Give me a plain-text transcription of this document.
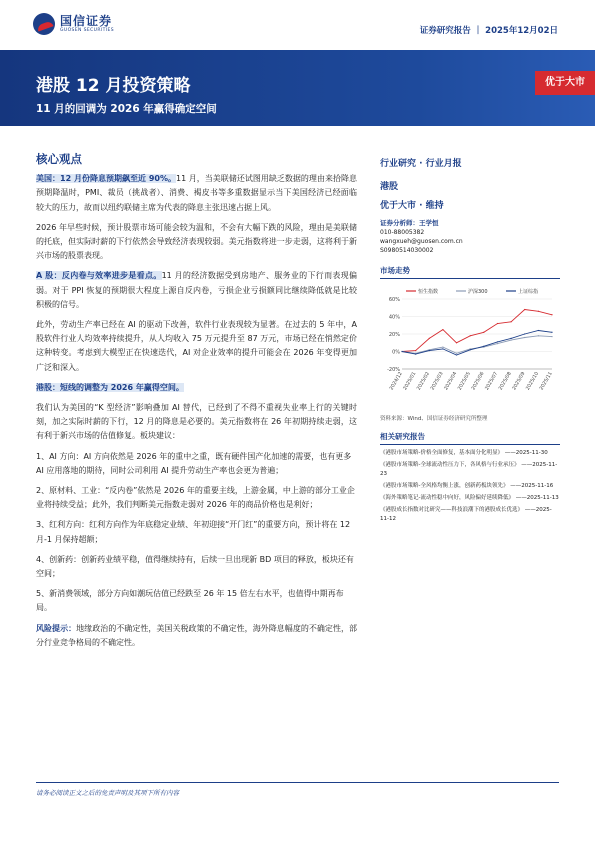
国信证券
GUOSEN SECURITIES	证券研究报告 ｜ 2025年12月02日
港股 12 月投资策略
11 月的回调为 2026 年赢得确定空间
优于大市
核心观点
美国：12 月份降息预期飙至近 90%。11 月，当美联储还试图用缺乏数据的理由来拾降息预期降温时，PMI、裁员（挑战者）、消费、褐皮书等多重数据显示当下美国经济已经面临较大的压力，故而以纽约联储主席为代表的降息主张迅速占据上风。
2026 年早些时候，预计股票市场可能会较为温和，不会有大幅下跌的风险，理由是美联储的托底，但实际时薪的下行依然会导致经济表现较弱。美元指数将进一步走弱，这将利于新兴市场的股票表现。
A 股：反内卷与效率进步是看点。11 月的经济数据受到房地产、服务业的下行而表现偏弱。对于 PPI 恢复的预期很大程度上源自反内卷，亏损企业亏损额同比继续降低就是比较积极的信号。
此外，劳动生产率已经在 AI 的驱动下改善，软件行业表现较为显著。在过去的 5 年中，A 股软件行业人均效率持续提升，从人均收入 75 万元提升至 87 万元，市场已经在悄然定价这种转变。考虑到大模型正在快速迭代，AI 对企业效率的提升可能会在 2026 年变得更加广泛和深入。
港股：短线的调整为 2026 年赢得空间。
我们认为美国的“K 型经济”影响叠加 AI 替代，已经到了不得不重视失业率上行的关键时刻，加之实际时薪的下行，12 月的降息是必要的。美元指数将在 26 年初期持续走弱，这有利于新兴市场的估值修复。板块建议：
1、AI 方向：AI 方向依然是 2026 年的重中之重，既有硬件国产化加速的需要，也有更多 AI 应用落地的期待，同时公司利用 AI 提升劳动生产率也会更为普遍；
2、原材料、工业：“反内卷”依然是 2026 年的重要主线，上游金属，中上游的部分工业企业将持续受益；此外，我们判断美元指数走弱对 2026 年的商品价格也是利好；
3、红利方向：红利方向作为年底稳定业绩、年初迎接“开门红”的重要方向，预计将在 12 月-1 月保持超额；
4、创新药：创新药业绩平稳，值得继续持有，后续一旦出现新 BD 项目的释放，板块还有空间；
5、新消费领域，部分方向如潮玩估值已经跌至 26 年 15 倍左右水平，也值得中期再布局。
风险提示：地缘政治的不确定性，美国关税政策的不确定性，海外降息幅度的不确定性，部分行业竞争格局的不确定性。
行业研究 · 行业月报
港股
优于大市 · 维持
证券分析师：王学恒
010-88005382
wangxueh@guosen.com.cn
S0980514030002
市场走势
-20%
0%
20%
40%
60%
2024/12 2025/01 2025/02 2025/03 2025/04 2025/05 2025/06 2025/07 2025/08 2025/09 2025/10 2025/11
恒生指数	沪深300	上证综指
资料来源：Wind、国信证券经济研究所整理
相关研究报告
《港股市场策略-价格全面修复，基本面分化明显》 ——2025-11-30
《港股市场策略-全球流动性压力下，各风格与行业承压》 ——2025-11-23
《港股市场策略-全风格均衡上涨，创新药板块领先》 ——2025-11-16
《海外策略笔记-流动性稳中向好，风险偏好延续降低》 ——2025-11-13
《港股成长指数对比研究——科技浪潮下的港股成长优选》 ——2025-11-12
请务必阅读正文之后的免责声明及其项下所有内容
